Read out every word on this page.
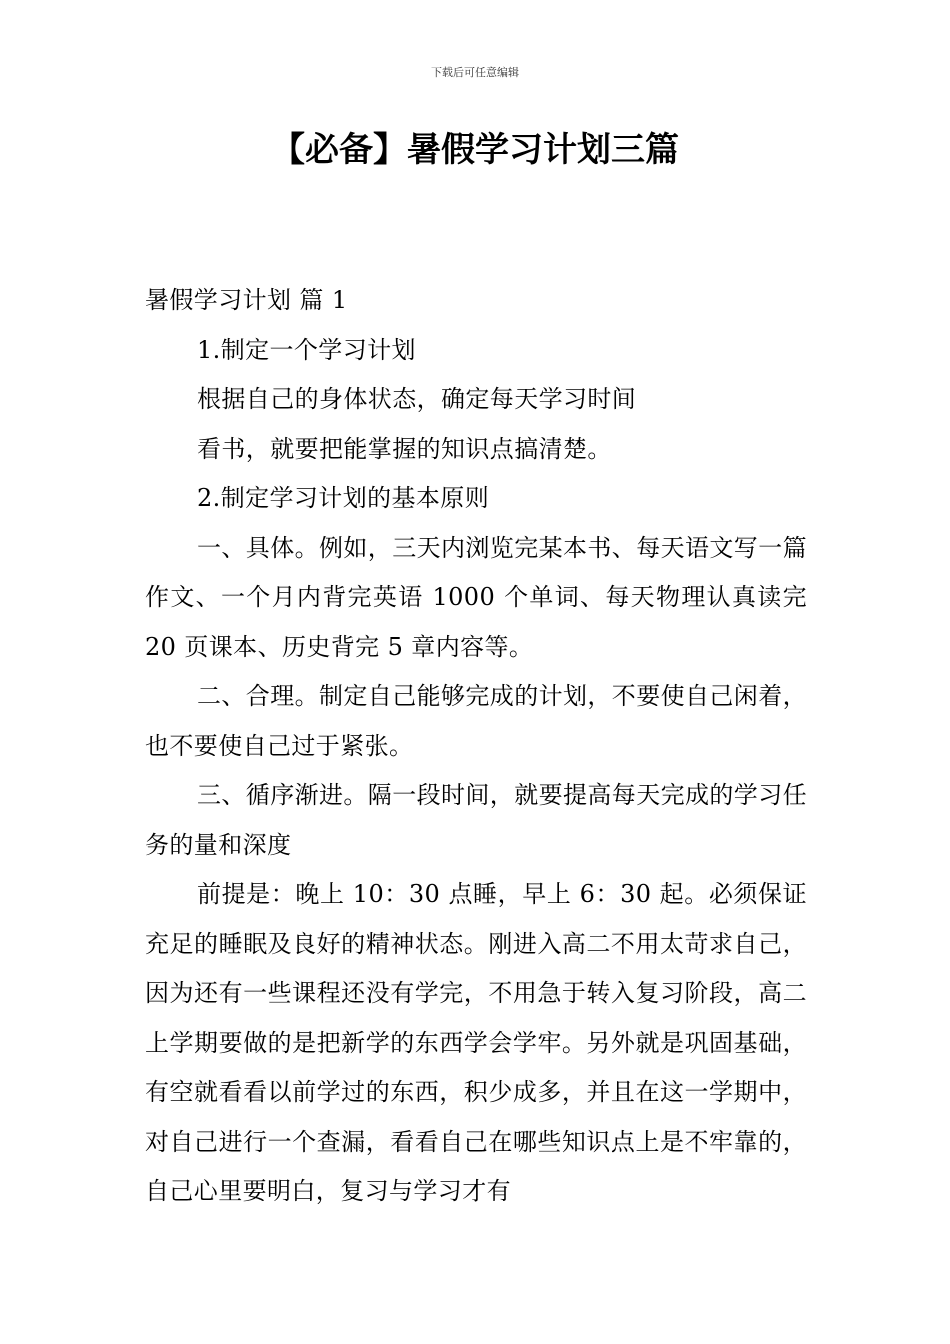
下载后可任意编辑
【必备】暑假学习计划三篇

暑假学习计划 篇 1

1.制定一个学习计划

根据自己的身体状态，确定每天学习时间

看书，就要把能掌握的知识点搞清楚。

2.制定学习计划的基本原则

一、具体。例如，三天内浏览完某本书、每天语文写一篇作文、一个月内背完英语 1000 个单词、每天物理认真读完 20 页课本、历史背完 5 章内容等。

二、合理。制定自己能够完成的计划，不要使自己闲着，也不要使自己过于紧张。

三、循序渐进。隔一段时间，就要提高每天完成的学习任务的量和深度

前提是：晚上 10：30 点睡，早上 6：30 起。必须保证充足的睡眠及良好的精神状态。刚进入高二不用太苛求自己，因为还有一些课程还没有学完，不用急于转入复习阶段，高二上学期要做的是把新学的东西学会学牢。另外就是巩固基础，有空就看看以前学过的东西，积少成多，并且在这一学期中，对自己进行一个查漏，看看自己在哪些知识点上是不牢靠的，自己心里要明白，复习与学习才有
